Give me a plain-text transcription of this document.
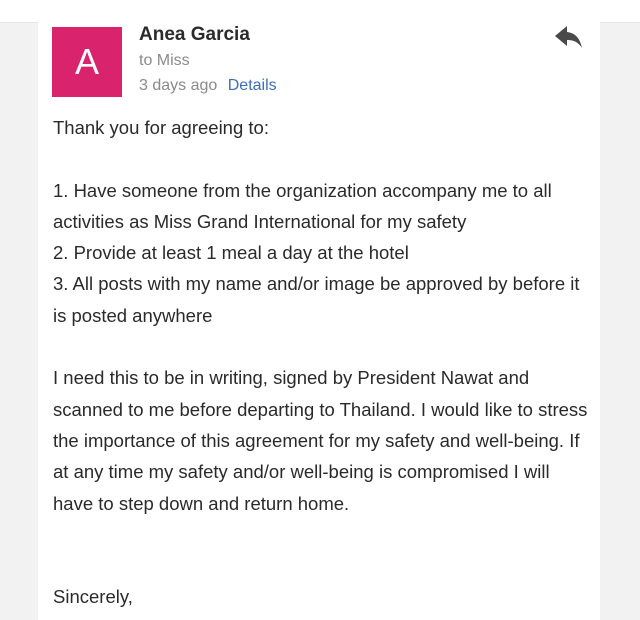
A
Anea Garcia
to Miss
3 days ago Details

Thank you for agreeing to:

1. Have someone from the organization accompany me to all activities as Miss Grand International for my safety

2. Provide at least 1 meal a day at the hotel

3. All posts with my name and/or image be approved by before it is posted anywhere

I need this to be in writing, signed by President Nawat and scanned to me before departing to Thailand. I would like to stress the importance of this agreement for my safety and well-being. If at any time my safety and/or well-being is compromised I will have to step down and return home.

Sincerely,
